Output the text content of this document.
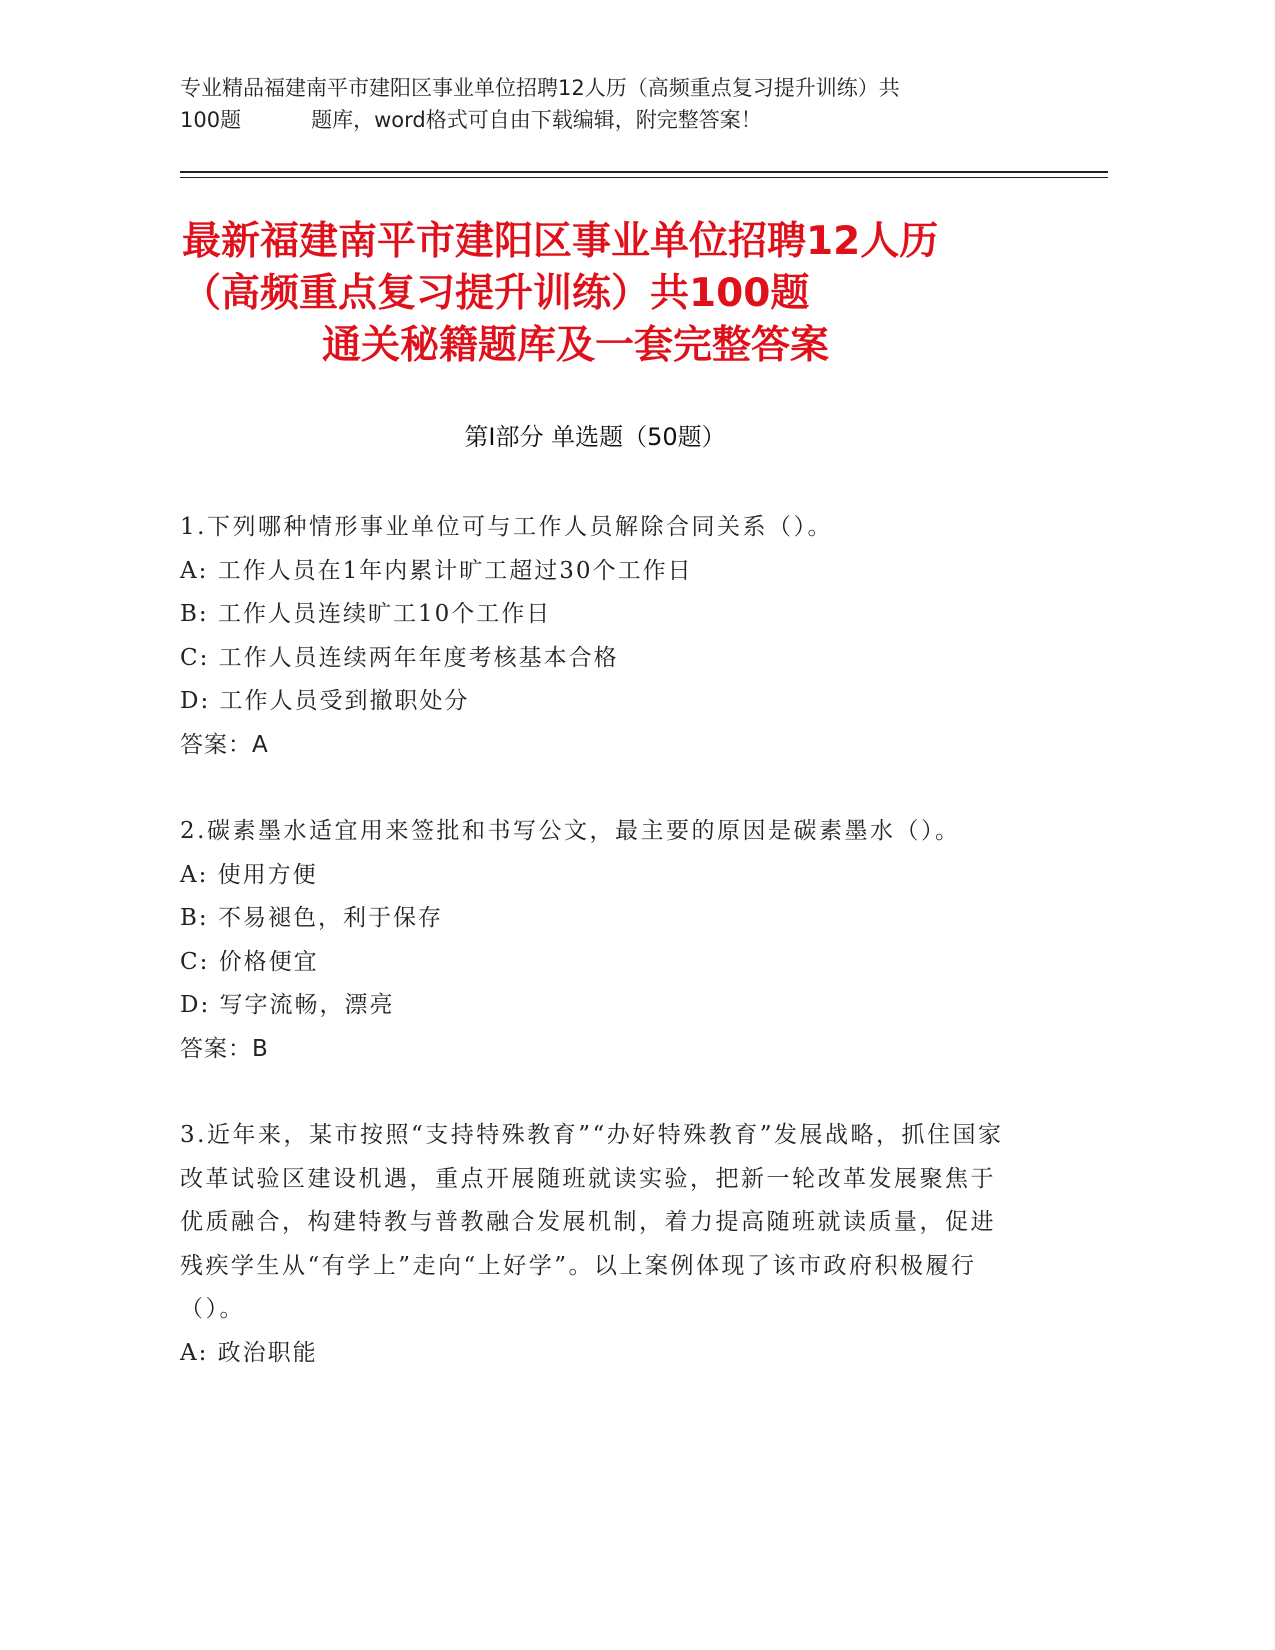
专业精品福建南平市建阳区事业单位招聘12人历（高频重点复习提升训练）共
100题	题库，word格式可自由下载编辑，附完整答案！
最新福建南平市建阳区事业单位招聘12人历
（高频重点复习提升训练）共100题
通关秘籍题库及一套完整答案
第Ⅰ部分 单选题（50题）
1.下列哪种情形事业单位可与工作人员解除合同关系（）。
A: 工作人员在1年内累计旷工超过30个工作日
B: 工作人员连续旷工10个工作日
C: 工作人员连续两年年度考核基本合格
D: 工作人员受到撤职处分
答案：A
2.碳素墨水适宜用来签批和书写公文，最主要的原因是碳素墨水（）。
A: 使用方便
B: 不易褪色，利于保存
C: 价格便宜
D: 写字流畅，漂亮
答案：B
3.近年来，某市按照“支持特殊教育”“办好特殊教育”发展战略，抓住国家改革试验区建设机遇，重点开展随班就读实验，把新一轮改革发展聚焦于优质融合，构建特教与普教融合发展机制，着力提高随班就读质量，促进残疾学生从“有学上”走向“上好学”。以上案例体现了该市政府积极履行（）。
A: 政治职能
